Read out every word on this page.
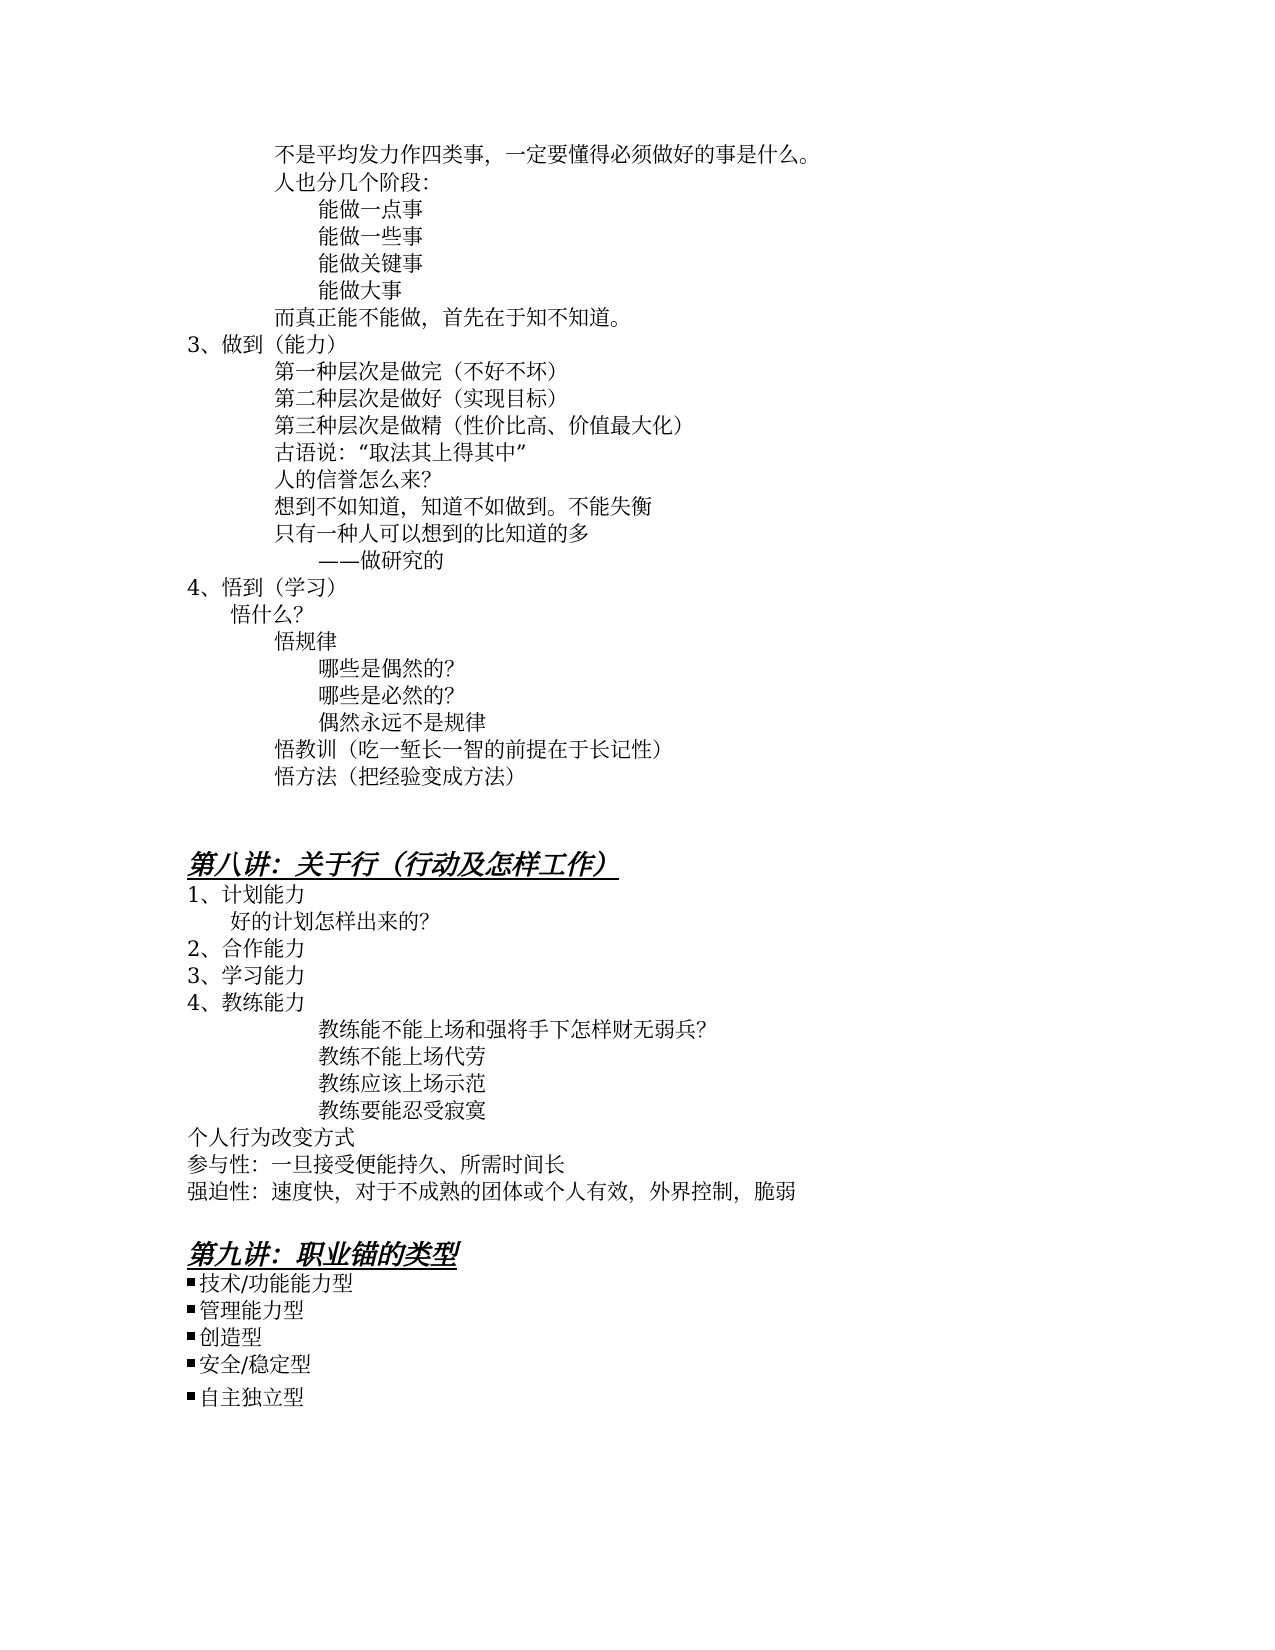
不是平均发力作四类事，一定要懂得必须做好的事是什么。
人也分几个阶段：
能做一点事
能做一些事
能做关键事
能做大事
而真正能不能做，首先在于知不知道。
3、做到（能力）
第一种层次是做完（不好不坏）
第二种层次是做好（实现目标）
第三种层次是做精（性价比高、价值最大化）
古语说：“取法其上得其中”
人的信誉怎么来？
想到不如知道，知道不如做到。不能失衡
只有一种人可以想到的比知道的多
——做研究的
4、悟到（学习）
悟什么？
悟规律
哪些是偶然的？
哪些是必然的？
偶然永远不是规律
悟教训（吃一堑长一智的前提在于长记性）
悟方法（把经验变成方法）
第八讲：关于行（行动及怎样工作）
1、计划能力
好的计划怎样出来的？
2、合作能力
3、学习能力
4、教练能力
教练能不能上场和强将手下怎样财无弱兵？
教练不能上场代劳
教练应该上场示范
教练要能忍受寂寞
个人行为改变方式
参与性：一旦接受便能持久、所需时间长
强迫性：速度快，对于不成熟的团体或个人有效，外界控制，脆弱
第九讲：职业锚的类型
技术/功能能力型
管理能力型
创造型
安全/稳定型
自主独立型
